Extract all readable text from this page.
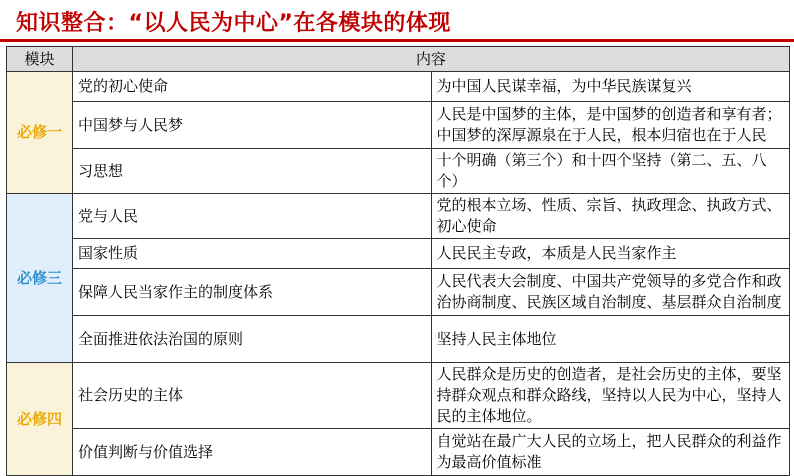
知识整合：“以人民为中心”在各模块的体现
模块	内容	
必修一	党的初心使命	为中国人民谋幸福，为中华民族谋复兴
	中国梦与人民梦	人民是中国梦的主体，是中国梦的创造者和享有者；中国梦的深厚源泉在于人民，根本归宿也在于人民
	习思想	十个明确（第三个）和十四个坚持（第二、五、八个）
必修三	党与人民	党的根本立场、性质、宗旨、执政理念、执政方式、初心使命
	国家性质	人民民主专政，本质是人民当家作主
	保障人民当家作主的制度体系	人民代表大会制度、中国共产党领导的多党合作和政治协商制度、民族区域自治制度、基层群众自治制度
	全面推进依法治国的原则	坚持人民主体地位
必修四	社会历史的主体	人民群众是历史的创造者，是社会历史的主体，要坚持群众观点和群众路线，坚持以人民为中心，坚持人民的主体地位。
	价值判断与价值选择	自觉站在最广大人民的立场上，把人民群众的利益作为最高价值标准
